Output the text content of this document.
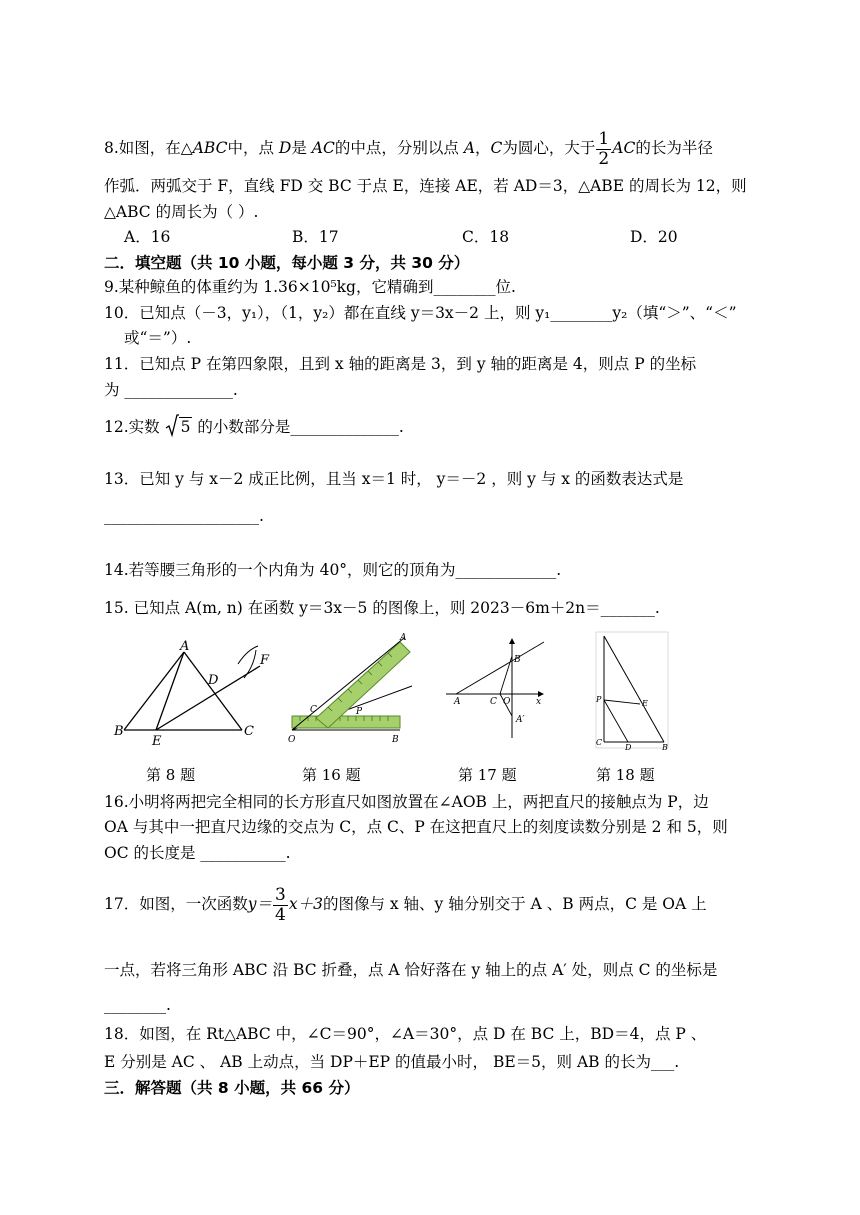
8.如图，在△ABC中，点 D是 AC的中点，分别以点 A，C为圆心，大于 $\frac{1}{2}$ AC的长为半径
作弧．两弧交于 F，直线 FD 交 BC 于点 E，连接 AE，若 AD＝3，△ABE 的周长为 12，则
△ABC 的周长为（ ）.
A．16	B．17	C．18	D．20
二．填空题（共 10 小题，每小题 3 分，共 30 分）
9.某种鲸鱼的体重约为 1.36×10⁵kg，它精确到________位.
10．已知点（－3，y₁），（1，y₂）都在直线 y＝3x－2 上，则 y₁________y₂（填“＞”、“＜”
或“＝”）.
11．已知点 P 在第四象限，且到 x 轴的距离是 3，到 y 轴的距离是 4，则点 P 的坐标
为 ______________.
12.实数 5 的小数部分是______________.
13．已知 y 与 x－2 成正比例，且当 x＝1 时， y＝－2 ，则 y 与 x 的函数表达式是
____________________.
14.若等腰三角形的一个内角为 40°，则它的顶角为_____________.
15. 已知点 A(m, n) 在函数 y＝3x－5 的图像上，则 2023－6m＋2n＝_______.
A
B	C
D
E
F
A
O	B
C	P
B
A	C O	x
A′
P	E
C
D	B
第 8 题	第 16 题	第 17 题	第 18 题
16.小明将两把完全相同的长方形直尺如图放置在∠AOB 上，两把直尺的接触点为 P，边
OA 与其中一把直尺边缘的交点为 C，点 C、P 在这把直尺上的刻度读数分别是 2 和 5，则
OC 的长度是 ___________.
17．如图，一次函数$y= \frac{3}{4} x+3$的图像与 x 轴、y 轴分别交于 A 、B 两点，C 是 OA 上
一点，若将三角形 ABC 沿 BC 折叠，点 A 恰好落在 y 轴上的点 A′ 处，则点 C 的坐标是
________.
18．如图，在 Rt△ABC 中，∠C＝90°，∠A＝30°，点 D 在 BC 上，BD＝4，点 P 、
E 分别是 AC 、 AB 上动点，当 DP＋EP 的值最小时， BE＝5，则 AB 的长为___.
三．解答题（共 8 小题，共 66 分）
